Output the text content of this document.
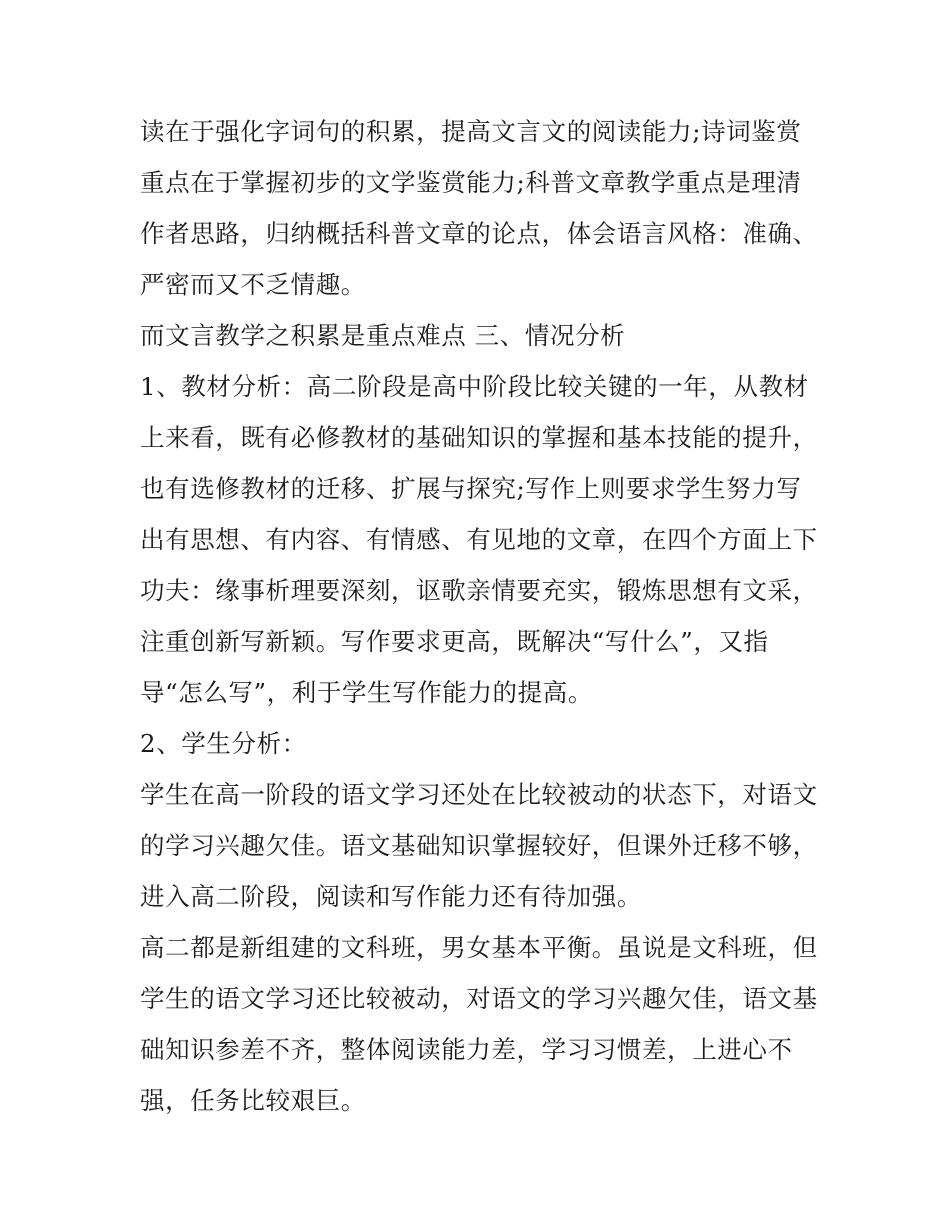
读在于强化字词句的积累，提高文言文的阅读能力;诗词鉴赏
重点在于掌握初步的文学鉴赏能力;科普文章教学重点是理清
作者思路，归纳概括科普文章的论点，体会语言风格：准确、
严密而又不乏情趣。
而文言教学之积累是重点难点 三、情况分析
1、教材分析：高二阶段是高中阶段比较关键的一年，从教材
上来看，既有必修教材的基础知识的掌握和基本技能的提升，
也有选修教材的迁移、扩展与探究;写作上则要求学生努力写
出有思想、有内容、有情感、有见地的文章，在四个方面上下
功夫：缘事析理要深刻，讴歌亲情要充实，锻炼思想有文采，
注重创新写新颖。写作要求更高，既解决“写什么”，又指
导“怎么写”，利于学生写作能力的提高。
2、学生分析：
学生在高一阶段的语文学习还处在比较被动的状态下，对语文
的学习兴趣欠佳。语文基础知识掌握较好，但课外迁移不够，
进入高二阶段，阅读和写作能力还有待加强。
高二都是新组建的文科班，男女基本平衡。虽说是文科班，但
学生的语文学习还比较被动，对语文的学习兴趣欠佳，语文基
础知识参差不齐，整体阅读能力差，学习习惯差，上进心不
强，任务比较艰巨。
